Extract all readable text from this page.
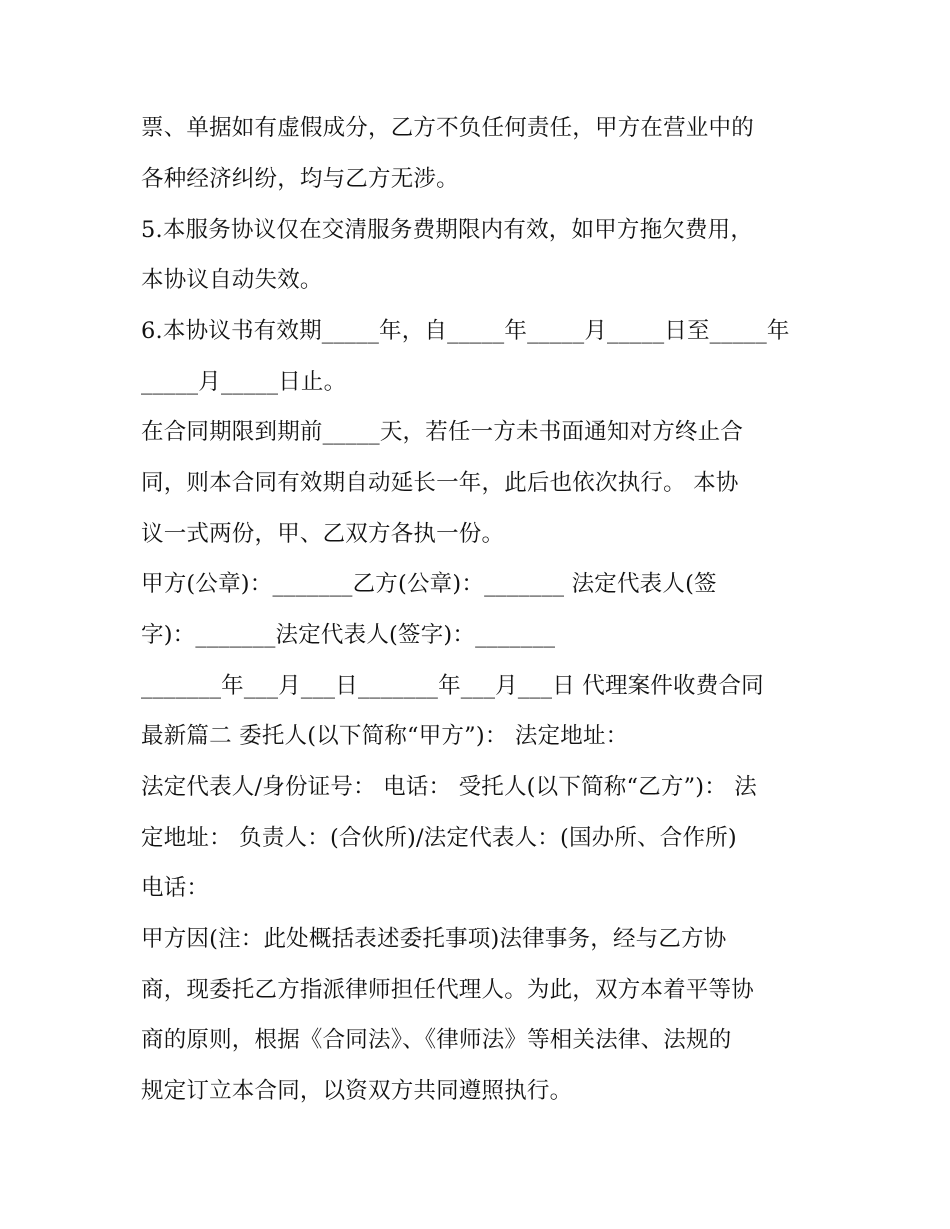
票、单据如有虚假成分，乙方不负任何责任，甲方在营业中的
各种经济纠纷，均与乙方无涉。
5.本服务协议仅在交清服务费期限内有效，如甲方拖欠费用，
本协议自动失效。
6.本协议书有效期_____年，自_____年_____月_____日至_____年
_____月_____日止。
在合同期限到期前_____天，若任一方未书面通知对方终止合
同，则本合同有效期自动延长一年，此后也依次执行。 本协
议一式两份，甲、乙双方各执一份。
甲方(公章)：_______乙方(公章)：_______ 法定代表人(签
字)：_______法定代表人(签字)：_______
_______年___月___日_______年___月___日 代理案件收费合同
最新篇二 委托人(以下简称“甲方”)： 法定地址：
法定代表人/身份证号： 电话： 受托人(以下简称“乙方”)： 法
定地址： 负责人：(合伙所)/法定代表人：(国办所、合作所)
电话：
甲方因(注：此处概括表述委托事项)法律事务，经与乙方协
商，现委托乙方指派律师担任代理人。为此，双方本着平等协
商的原则，根据《合同法》、《律师法》等相关法律、法规的
规定订立本合同，以资双方共同遵照执行。
